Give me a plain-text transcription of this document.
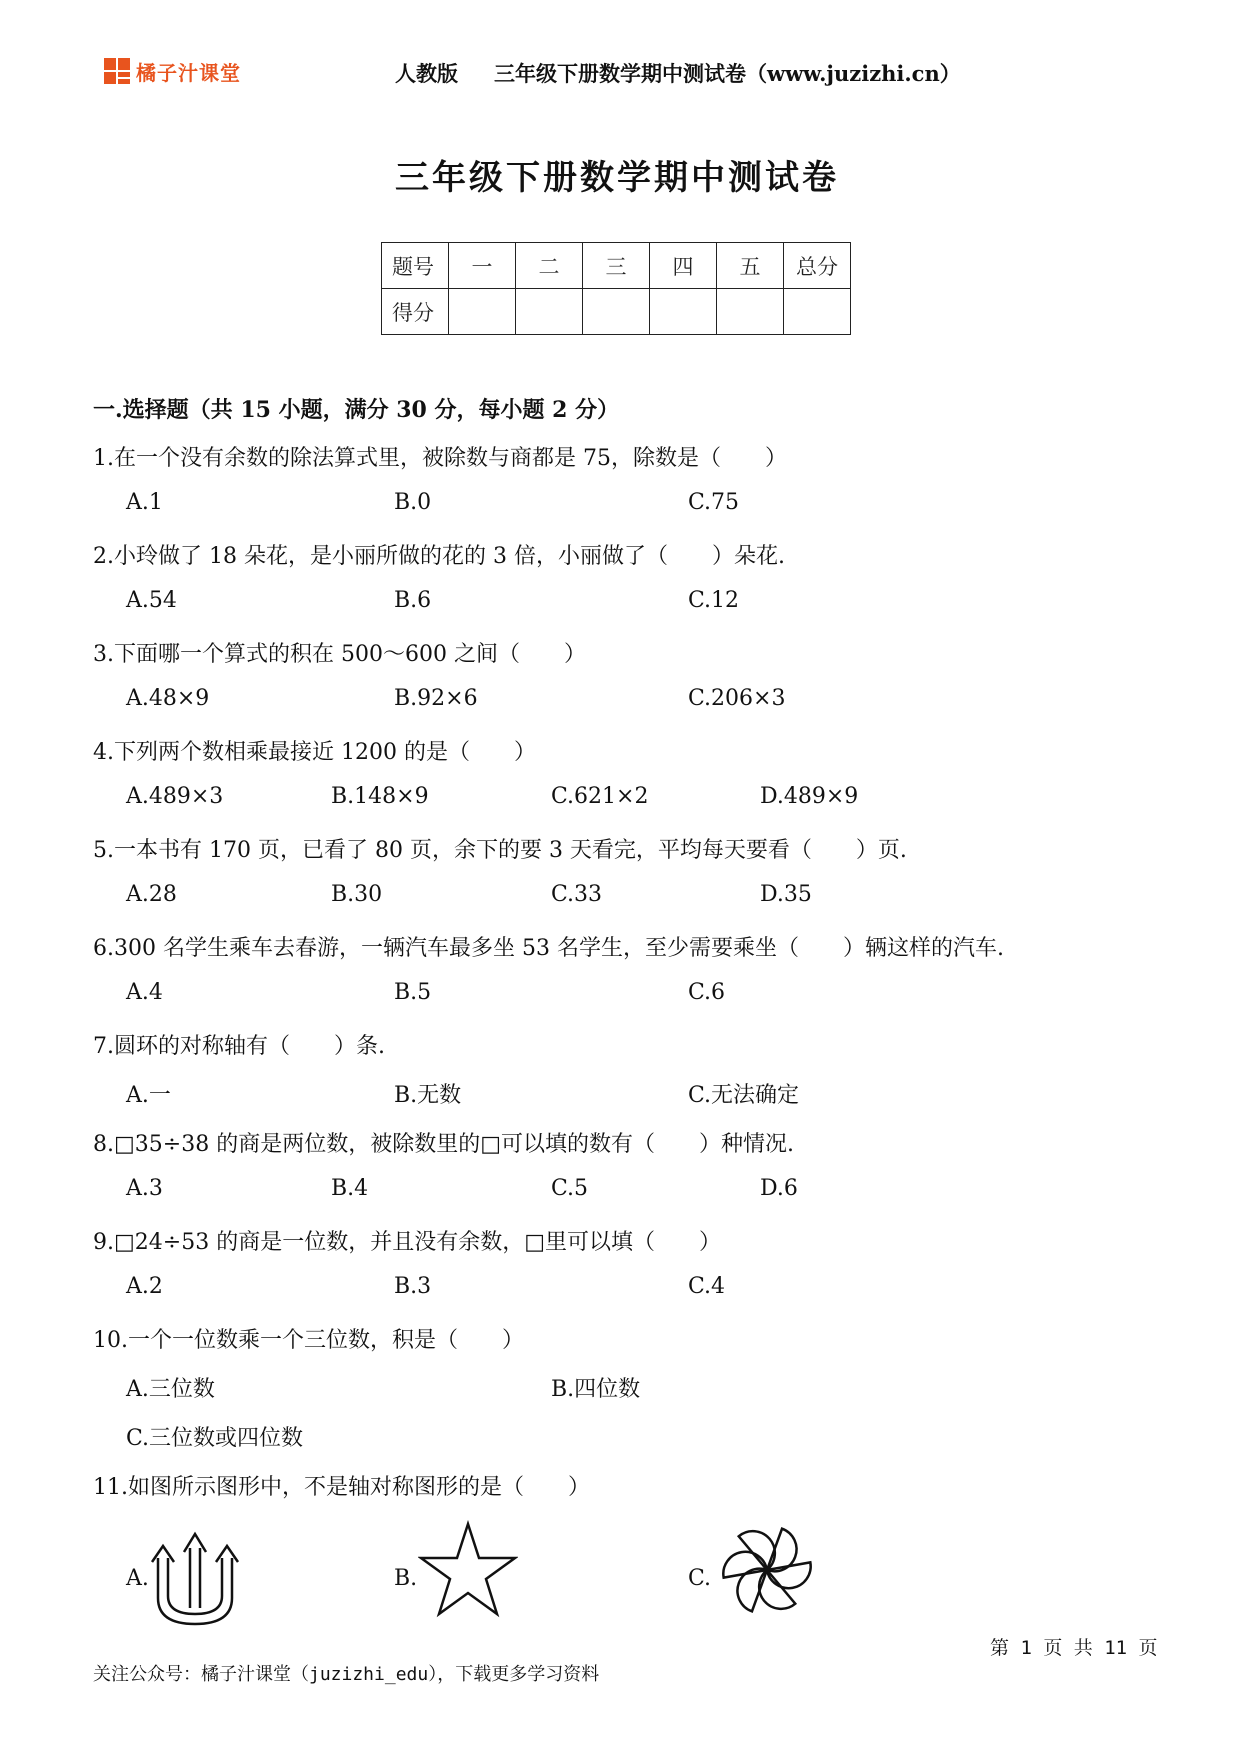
橘子汁课堂	人教版 三年级下册数学期中测试卷（www.juzizhi.cn）
三年级下册数学期中测试卷
题号	一	二	三	四	五	总分
得分						
一.选择题（共 15 小题，满分 30 分，每小题 2 分）
1.在一个没有余数的除法算式里，被除数与商都是 75，除数是（　　）
A.1	B.0	C.75
2.小玲做了 18 朵花，是小丽所做的花的 3 倍，小丽做了（　　）朵花.
A.54	B.6	C.12
3.下面哪一个算式的积在 500～600 之间（　　）
A.48×9	B.92×6	C.206×3
4.下列两个数相乘最接近 1200 的是（　　）
A.489×3	B.148×9	C.621×2	D.489×9
5.一本书有 170 页，已看了 80 页，余下的要 3 天看完，平均每天要看（　　）页.
A.28	B.30	C.33	D.35
6.300 名学生乘车去春游，一辆汽车最多坐 53 名学生，至少需要乘坐（　　）辆这样的汽车.
A.4	B.5	C.6
7.圆环的对称轴有（　　）条.
A.一	B.无数	C.无法确定
8.□35÷38 的商是两位数，被除数里的□可以填的数有（　　）种情况.
A.3	B.4	C.5	D.6
9.□24÷53 的商是一位数，并且没有余数，□里可以填（　　）
A.2	B.3	C.4
10.一个一位数乘一个三位数，积是（　　）
A.三位数	B.四位数
C.三位数或四位数
11.如图所示图形中，不是轴对称图形的是（　　）
A.	B.	C.
第 1 页 共 11 页
关注公众号：橘子汁课堂（juzizhi_edu），下载更多学习资料
